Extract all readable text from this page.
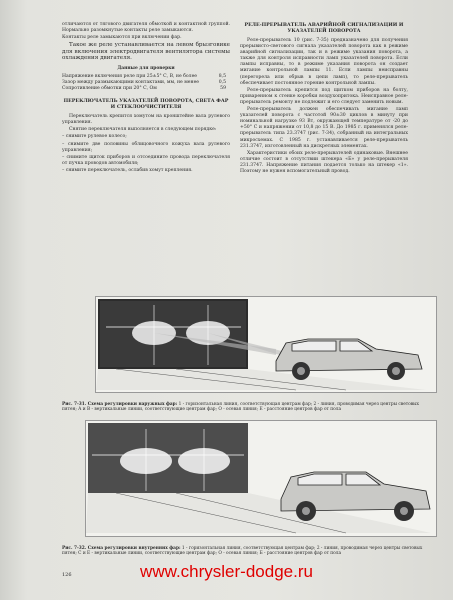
отличаются от тягового двигателя обмоткой и контактной группой. Нормально разомкнутые контакты реле замыкаются.

Контакты реле замыкаются при включении фар.

Такое же реле устанавливается на левом брызговике для включения электродвигателя вентилятора системы охлаждения двигателя.

Данные для проверки
Напряжение включения реле при 25±5° С, В, не более	8,5
Зазор между размыкающими контактами, мм, не менее	0,5
Сопротивление обмотки при 20° С, Ом	59
ПЕРЕКЛЮЧАТЕЛЬ УКАЗАТЕЛЕЙ ПОВОРОТА, СВЕТА ФАР И СТЕКЛООЧИСТИТЕЛЯ

Переключатель крепится хомутом на кронштейне вала рулевого управления.

Снятие переключателя выполняется в следующем порядке:

– снимите рулевое колесо;

– снимите две половины облицовочного кожуха вала рулевого управления;

– снимите щиток приборов и отсоедините провода переключателя от пучка проводов автомобиля;

– снимите переключатель, ослабив хомут крепления.

РЕЛЕ-ПРЕРЫВАТЕЛЬ АВАРИЙНОЙ СИГНАЛИЗАЦИИ И УКАЗАТЕЛЕЙ ПОВОРОТА

Реле-прерыватель 10 (рис. 7-35) предназначено для получения прерывисто-светового сигнала указателей поворота как в режиме аварийной сигнализации, так и в режиме указания поворота, а также для контроля исправности ламп указателей поворота. Если лампы исправны, то в режиме указания поворота он создает мигание контрольной лампы 11. Если лампы неисправны (перегорела или обрыв в цепи ламп), то реле-прерыватель обеспечивает постоянное горение контрольной лампы.

Реле-прерыватель крепится под щитком приборов на болту, приваренном к стенке коробки воздухопритока. Неисправное реле-прерыватель ремонту не подлежит и его следует заменить новым.

Реле-прерыватель должен обеспечивать мигание ламп указателей поворота с частотой 90±30 циклов в минуту при номинальной нагрузке 93 Вт, окружающей температуре от -20 до +50° С и напряжении от 10,8 до 15 В. До 1985 г. применялся реле-прерыватель типа 23.3747 (рис. 7-34), собранный на интегральных микросхемах. С 1985 г. устанавливается реле-прерыватель 231.3747, изготовленный на дискретных элементах.

Характеристики обоих реле-прерывателей одинаковые. Внешнее отличие состоит в отсутствии штекера «Б» у реле-прерывателя 231.3747. Напряжение питания подается только на штекер «1». Поэтому не нужен вспомогательный провод.

Рис. 7-31. Схема регулировки наружных фар: 1 - горизонтальная линия, соответствующая центрам фар; 2 - линия, проводимая через центры световых пятен; А и В - вертикальные линии, соответствующие центрам фар; О - осевая линия; Е - расстояние центров фар от пола
Рис. 7-32. Схема регулировки внутренних фар: 1 - горизонтальная линия, соответствующая центрам фар; 2 - линия, проводимая через центры световых пятен; С и Е - вертикальные линии, соответствующие центрам фар; О - осевая линия; Б - расстояние центров фар от пола
126	www.chrysler-dodge.ru
